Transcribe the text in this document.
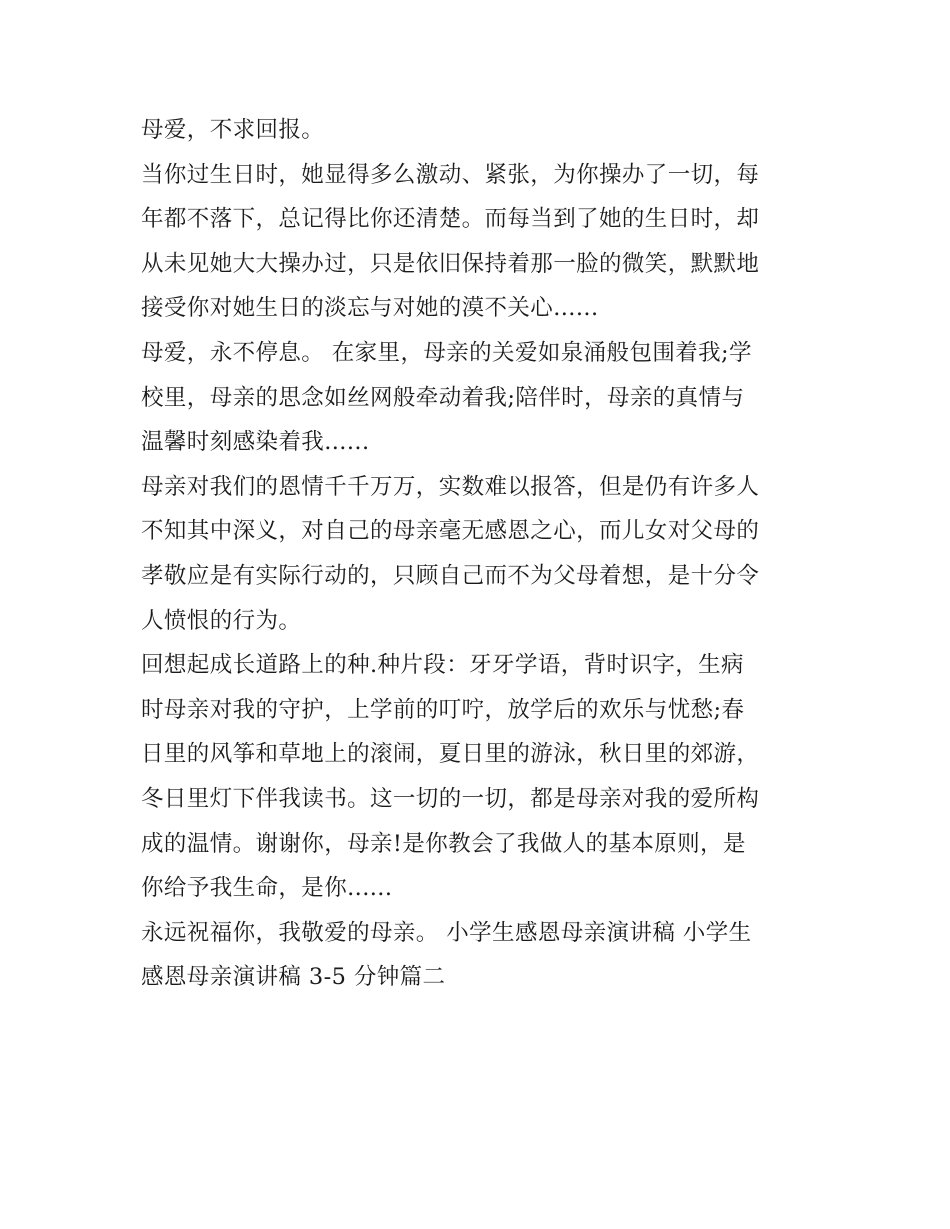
母爱，不求回报。

当你过生日时，她显得多么激动、紧张，为你操办了一切，每
年都不落下，总记得比你还清楚。而每当到了她的生日时，却
从未见她大大操办过，只是依旧保持着那一脸的微笑，默默地
接受你对她生日的淡忘与对她的漠不关心......

母爱，永不停息。 在家里，母亲的关爱如泉涌般包围着我;学
校里，母亲的思念如丝网般牵动着我;陪伴时，母亲的真情与
温馨时刻感染着我......

母亲对我们的恩情千千万万，实数难以报答，但是仍有许多人
不知其中深义，对自己的母亲毫无感恩之心，而儿女对父母的
孝敬应是有实际行动的，只顾自己而不为父母着想，是十分令
人愤恨的行为。

回想起成长道路上的种.种片段：牙牙学语，背时识字，生病
时母亲对我的守护，上学前的叮咛，放学后的欢乐与忧愁;春
日里的风筝和草地上的滚闹，夏日里的游泳，秋日里的郊游，
冬日里灯下伴我读书。这一切的一切，都是母亲对我的爱所构
成的温情。谢谢你，母亲!是你教会了我做人的基本原则，是
你给予我生命，是你......

永远祝福你，我敬爱的母亲。 小学生感恩母亲演讲稿 小学生
感恩母亲演讲稿 3-5 分钟篇二
